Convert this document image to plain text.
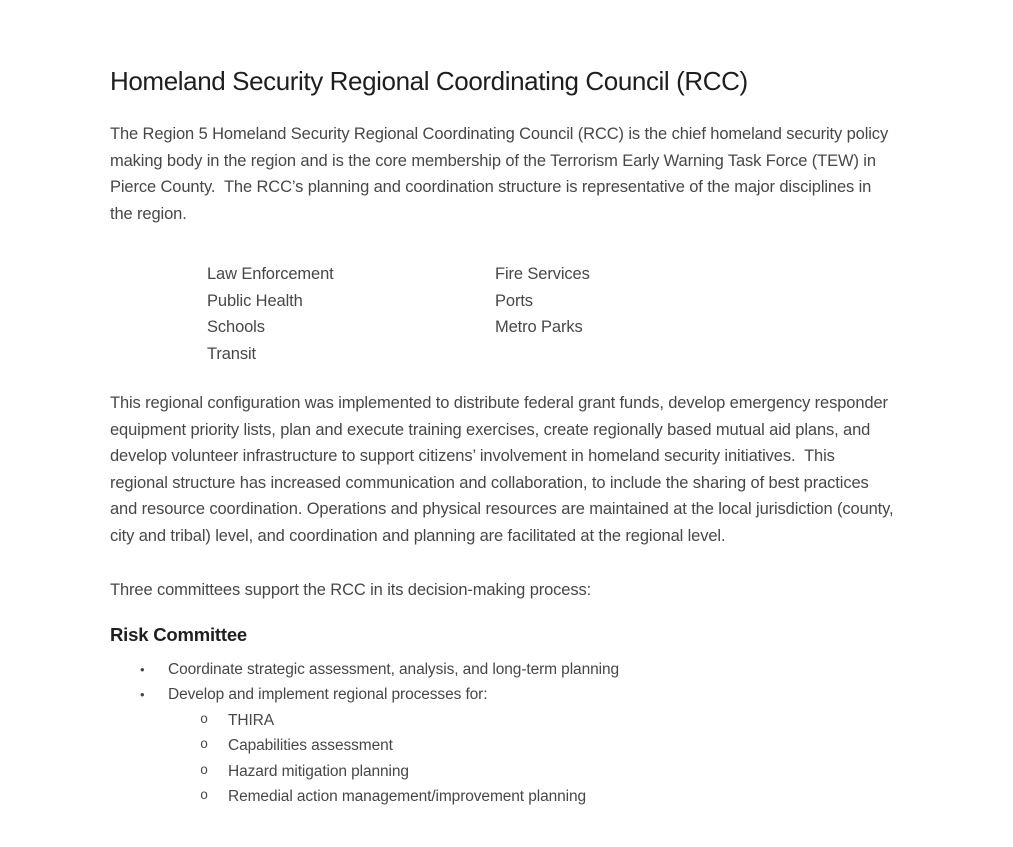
Homeland Security Regional Coordinating Council (RCC)

The Region 5 Homeland Security Regional Coordinating Council (RCC) is the chief homeland security policy making body in the region and is the core membership of the Terrorism Early Warning Task Force (TEW) in Pierce County.  The RCC’s planning and coordination structure is representative of the major disciplines in the region.

Law Enforcement	Fire Services
Public Health	Ports
Schools	Metro Parks
Transit

This regional configuration was implemented to distribute federal grant funds, develop emergency responder equipment priority lists, plan and execute training exercises, create regionally based mutual aid plans, and develop volunteer infrastructure to support citizens’ involvement in homeland security initiatives.  This regional structure has increased communication and collaboration, to include the sharing of best practices and resource coordination. Operations and physical resources are maintained at the local jurisdiction (county, city and tribal) level, and coordination and planning are facilitated at the regional level.

Three committees support the RCC in its decision-making process:

Risk Committee
•	Coordinate strategic assessment, analysis, and long-term planning
•	Develop and implement regional processes for:
o	THIRA
o	Capabilities assessment
o	Hazard mitigation planning
o	Remedial action management/improvement planning
